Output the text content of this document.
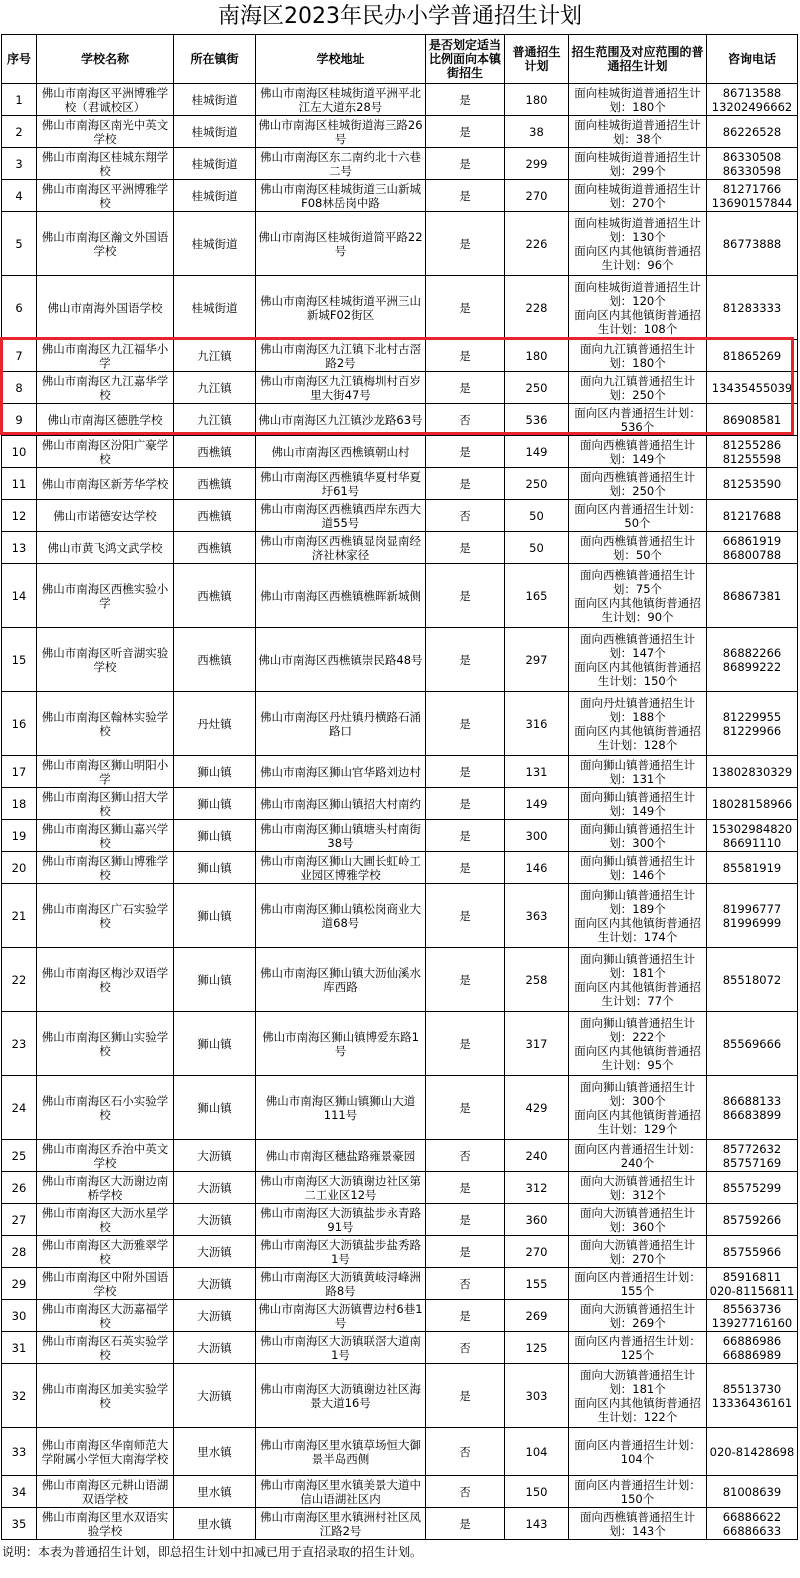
南海区2023年民办小学普通招生计划
序号	学校名称	所在镇街	学校地址	是否划定适当比例面向本镇街招生	普通招生计划	招生范围及对应范围的普通招生计划	咨询电话
1	佛山市南海区平洲博雅学校（君诚校区）	桂城街道	佛山市南海区桂城街道平洲平北江左大道东28号	是	180	面向桂城街道普通招生计划：180个	86713588
13202496662
2	佛山市南海区南光中英文学校	桂城街道	佛山市南海区桂城街道海三路26号	是	38	面向桂城街道普通招生计划：38个	86226528
3	佛山市南海区桂城东翔学校	桂城街道	佛山市南海区东二南约北十六巷二号	是	299	面向桂城街道普通招生计划：299个	86330508
86330598
4	佛山市南海区平洲博雅学校	桂城街道	佛山市南海区桂城街道三山新城F08林岳岗中路	是	270	面向桂城街道普通招生计划：270个	81271766
13690157844
5	佛山市南海区瀚文外国语学校	桂城街道	佛山市南海区桂城街道简平路22号	是	226	面向桂城街道普通招生计划：130个
面向区内其他镇街普通招生计划：96个	86773888
6	佛山市南海外国语学校	桂城街道	佛山市南海区桂城街道平洲三山新城F02街区	是	228	面向桂城街道普通招生计划：120个
面向区内其他镇街普通招生计划：108个	81283333
7	佛山市南海区九江福华小学	九江镇	佛山市南海区九江镇下北村古滘路2号	是	180	面向九江镇普通招生计划：180个	81865269
8	佛山市南海区九江嘉华学校	九江镇	佛山市南海区九江镇梅圳村百岁里大街47号	是	250	面向九江镇普通招生计划：250个	13435455039
9	佛山市南海区德胜学校	九江镇	佛山市南海区九江镇沙龙路63号	否	536	面向区内普通招生计划：536个	86908581
10	佛山市南海区汾阳广豪学校	西樵镇	佛山市南海区西樵镇朝山村	是	149	面向西樵镇普通招生计划：149个	81255286
81255598
11	佛山市南海区新芳华学校	西樵镇	佛山市南海区西樵镇华夏村华夏圩61号	是	250	面向西樵镇普通招生计划：250个	81253590
12	佛山市诺德安达学校	西樵镇	佛山市南海区西樵镇西岸东西大道55号	否	50	面向区内普通招生计划：50个	81217688
13	佛山市黄飞鸿文武学校	西樵镇	佛山市南海区西樵镇显岗显南经济社林家径	是	50	面向西樵镇普通招生计划：50个	66861919
86800788
14	佛山市南海区西樵实验小学	西樵镇	佛山市南海区西樵镇樵晖新城侧	是	165	面向西樵镇普通招生计划：75个
面向区内其他镇街普通招生计划：90个	86867381
15	佛山市南海区听音湖实验学校	西樵镇	佛山市南海区西樵镇崇民路48号	是	297	面向西樵镇普通招生计划：147个
面向区内其他镇街普通招生计划：150个	86882266
86899222
16	佛山市南海区翰林实验学校	丹灶镇	佛山市南海区丹灶镇丹横路石涌路口	是	316	面向丹灶镇普通招生计划：188个
面向区内其他镇街普通招生计划：128个	81229955
81229966
17	佛山市南海区狮山明阳小学	狮山镇	佛山市南海区狮山官华路刘边村	是	131	面向狮山镇普通招生计划：131个	13802830329
18	佛山市南海区狮山招大学校	狮山镇	佛山市南海区狮山镇招大村南约	是	149	面向狮山镇普通招生计划：149个	18028158966
19	佛山市南海区狮山嘉兴学校	狮山镇	佛山市南海区狮山镇塘头村南街38号	是	300	面向狮山镇普通招生计划：300个	15302984820
86691110
20	佛山市南海区狮山博雅学校	狮山镇	佛山市南海区狮山大圃长虹岭工业园区博雅学校	是	146	面向狮山镇普通招生计划：146个	85581919
21	佛山市南海区广石实验学校	狮山镇	佛山市南海区狮山镇松岗商业大道68号	是	363	面向狮山镇普通招生计划：189个
面向区内其他镇街普通招生计划：174个	81996777
81996999
22	佛山市南海区梅沙双语学校	狮山镇	佛山市南海区狮山镇大沥仙溪水库西路	是	258	面向狮山镇普通招生计划：181个
面向区内其他镇街普通招生计划：77个	85518072
23	佛山市南海区狮山实验学校	狮山镇	佛山市南海区狮山镇博爱东路1号	是	317	面向狮山镇普通招生计划：222个
面向区内其他镇街普通招生计划：95个	85569666
24	佛山市南海区石小实验学校	狮山镇	佛山市南海区狮山镇狮山大道111号	是	429	面向狮山镇普通招生计划：300个
面向区内其他镇街普通招生计划：129个	86688133
86683899
25	佛山市南海区乔治中英文学校	大沥镇	佛山市南海区穗盐路雍景豪园	否	240	面向区内普通招生计划：240个	85772632
85757169
26	佛山市南海区大沥谢边南桥学校	大沥镇	佛山市南海区大沥镇谢边社区第二工业区12号	是	312	面向大沥镇普通招生计划：312个	85575299
27	佛山市南海区大沥水星学校	大沥镇	佛山市南海区大沥镇盐步永青路91号	是	360	面向大沥镇普通招生计划：360个	85759266
28	佛山市南海区大沥雅翠学校	大沥镇	佛山市南海区大沥镇盐步盐秀路1号	是	270	面向大沥镇普通招生计划：270个	85755966
29	佛山市南海区中附外国语学校	大沥镇	佛山市南海区大沥镇黄岐浔峰洲路8号	否	155	面向区内普通招生计划：155个	85916811
020-81156811
30	佛山市南海区大沥嘉福学校	大沥镇	佛山市南海区大沥镇曹边村6巷1号	是	269	面向大沥镇普通招生计划：269个	85563736
13927716160
31	佛山市南海区石英实验学校	大沥镇	佛山市南海区大沥镇联滘大道南1号	否	125	面向区内普通招生计划：125个	66886986
66886989
32	佛山市南海区加美实验学校	大沥镇	佛山市南海区大沥镇谢边社区海景大道16号	是	303	面向大沥镇普通招生计划：181个
面向区内其他镇街普通招生计划：122个	85513730
13336436161
33	佛山市南海区华南师范大学附属小学恒大南海学校	里水镇	佛山市南海区里水镇草场恒大御景半岛西侧	否	104	面向区内普通招生计划：104个	020-81428698
34	佛山市南海区元耕山语湖双语学校	里水镇	佛山市南海区里水镇美景大道中信山语湖社区内	否	150	面向区内普通招生计划：150个	81008639
35	佛山市南海区里水双语实验学校	里水镇	佛山市南海区里水镇洲村社区凤江路2号	是	143	面向西樵镇普通招生计划：143个	66886622
66886633
说明：本表为普通招生计划，即总招生计划中扣减已用于直招录取的招生计划。
